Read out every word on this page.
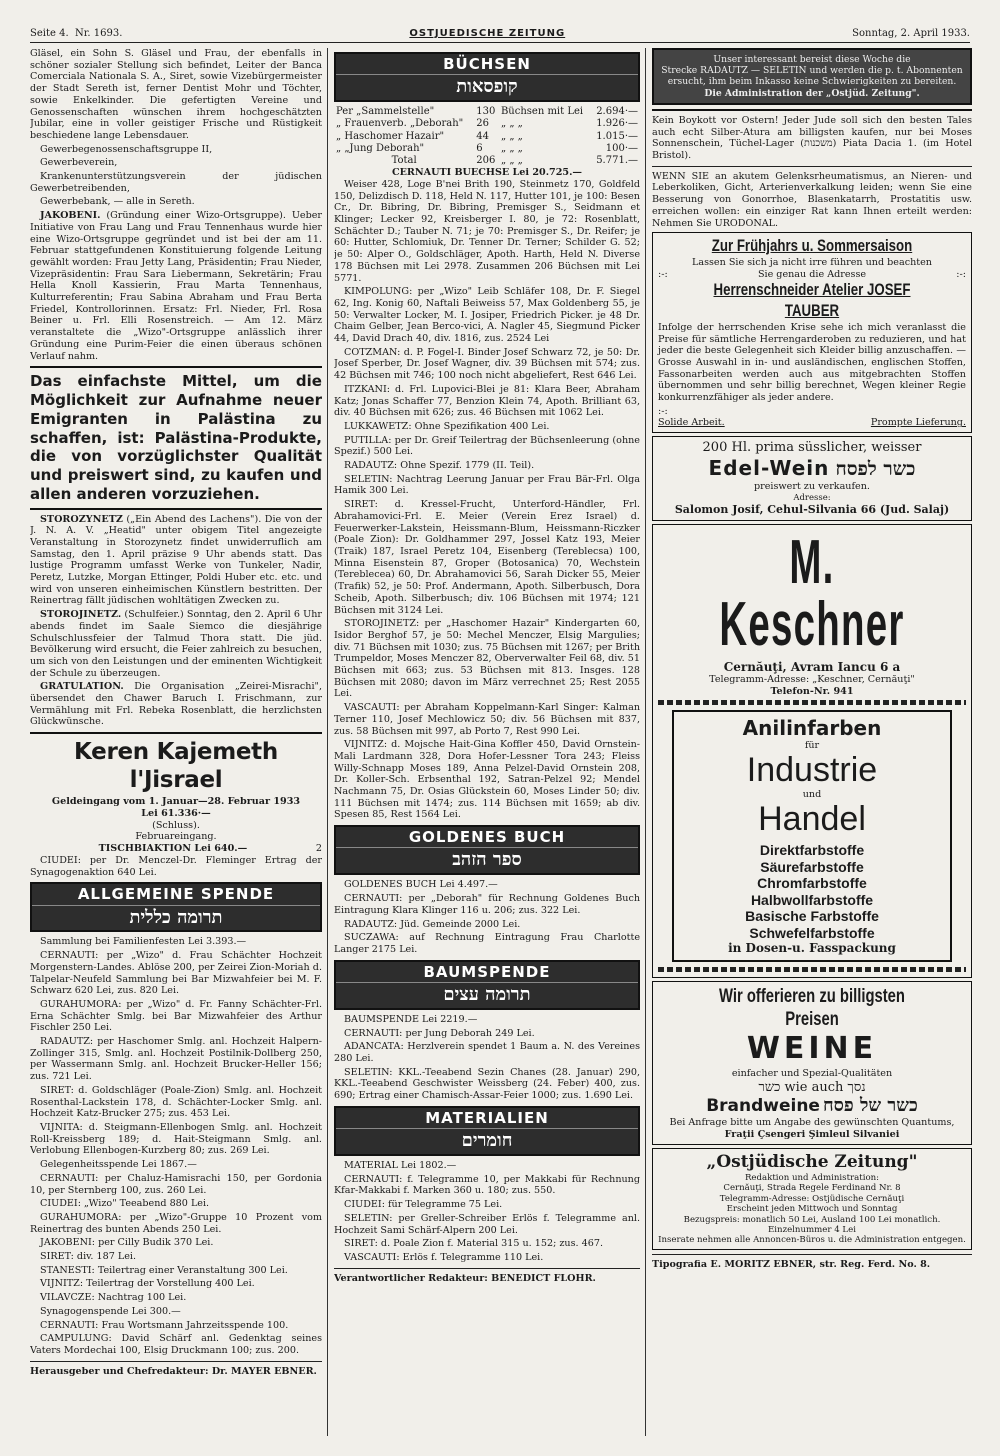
Seite 4. Nr. 1693.	OSTJUEDISCHE ZEITUNG	Sonntag, 2. April 1933.

Gläsel, ein Sohn S. Gläsel und Frau, der ebenfalls in schöner sozialer Stellung sich befindet, Leiter der Banca Comerciala Nationala S. A., Siret, sowie Vizebürgermeister der Stadt Sereth ist, ferner Dentist Mohr und Töchter, sowie Enkelkinder. Die gefertigten Vereine und Genossenschaften wünschen ihrem hochgeschätzten Jubilar, eine in voller geistiger Frische und Rüstigkeit beschiedene lange Lebensdauer.

Gewerbegenossenschaftsgruppe II,

Gewerbeverein,

Krankenunterstützungsverein der jüdischen Gewerbetreibenden,

Gewerbebank, — alle in Sereth.

JAKOBENI. (Gründung einer Wizo-Ortsgruppe). Ueber Initiative von Frau Lang und Frau Tennenhaus wurde hier eine Wizo-Ortsgruppe gegründet und ist bei der am 11. Februar stattgefundenen Konstituierung folgende Leitung gewählt worden: Frau Jetty Lang, Präsidentin; Frau Nieder, Vizepräsidentin: Frau Sara Liebermann, Sekretärin; Frau Hella Knoll Kassierin, Frau Marta Tennenhaus, Kulturreferentin; Frau Sabina Abraham und Frau Berta Friedel, Kontrollorinnen. Ersatz: Frl. Nieder, Frl. Rosa Beiner u. Frl. Elli Rosenstreich. — Am 12. März veranstaltete die „Wizo"-Ortsgruppe anlässlich ihrer Gründung eine Purim-Feier die einen überaus schönen Verlauf nahm.

Das einfachste Mittel, um die Möglichkeit zur Aufnahme neuer Emigranten in Palästina zu schaffen, ist: Palästina-Produkte, die von vorzüglichster Qualität und preiswert sind, zu kaufen und allen anderen vorzuziehen.

STOROZYNETZ („Ein Abend des Lachens"). Die von der J. N. A. V. „Heatid" unter obigem Titel angezeigte Veranstaltung in Storozynetz findet unwiderruflich am Samstag, den 1. April präzise 9 Uhr abends statt. Das lustige Programm umfasst Werke von Tunkeler, Nadir, Peretz, Lutzke, Morgan Ettinger, Poldi Huber etc. etc. und wird von unseren einheimischen Künstlern bestritten. Der Reinertrag fällt jüdischen wohltätigen Zwecken zu.

STOROJINETZ. (Schulfeier.) Sonntag, den 2. April 6 Uhr abends findet im Saale Siemco die diesjährige Schulschlussfeier der Talmud Thora statt. Die jüd. Bevölkerung wird ersucht, die Feier zahlreich zu besuchen, um sich von den Leistungen und der eminenten Wichtigkeit der Schule zu überzeugen.

GRATULATION. Die Organisation „Zeirei-Misrachi", übersendet den Chawer Baruch I. Frischmann, zur Vermählung mit Frl. Rebeka Rosenblatt, die herzlichsten Glückwünsche.

Keren Kajemeth l'Jisrael
Geldeingang vom 1. Januar—28. Februar 1933
Lei 61.336·—
(Schluss).
Februareingang.
TISCHBIAKTION Lei 640.—	2

CIUDEI: per Dr. Menczel-Dr. Fleminger Ertrag der Synagogenaktion 640 Lei.

ALLGEMEINE SPENDE
תרומה כללית

Sammlung bei Familienfesten Lei 3.393.—

CERNAUTI: per „Wizo" d. Frau Schächter Hochzeit Morgenstern-Landes. Ablöse 200, per Zeirei Zion-Moriah d. Talpelar-Neufeld Sammlung bei Bar Mizwahfeier bei M. F. Schwarz 620 Lei, zus. 820 Lei.

GURAHUMORA: per „Wizo" d. Fr. Fanny Schächter-Frl. Erna Schächter Smlg. bei Bar Mizwahfeier des Arthur Fischler 250 Lei.

RADAUTZ: per Haschomer Smlg. anl. Hochzeit Halpern-Zollinger 315, Smlg. anl. Hochzeit Postilnik-Dollberg 250, per Wassermann Smlg. anl. Hochzeit Brucker-Heller 156; zus. 721 Lei.

SIRET: d. Goldschläger (Poale-Zion) Smlg. anl. Hochzeit Rosenthal-Lackstein 178, d. Schächter-Locker Smlg. anl. Hochzeit Katz-Brucker 275; zus. 453 Lei.

VIJNITA: d. Steigmann-Ellenbogen Smlg. anl. Hochzeit Roll-Kreissberg 189; d. Hait-Steigmann Smlg. anl. Verlobung Ellenbogen-Kurzberg 80; zus. 269 Lei.

Gelegenheitsspende Lei 1867.—

CERNAUTI: per Chaluz-Hamisrachi 150, per Gordonia 10, per Sternberg 100, zus. 260 Lei.

CIUDEI: „Wizo" Teeabend 880 Lei.

GURAHUMORA: per „Wizo"-Gruppe 10 Prozent vom Reinertrag des bunten Abends 250 Lei.

JAKOBENI: per Cilly Budik 370 Lei.

SIRET: div. 187 Lei.

STANESTI: Teilertrag einer Veranstaltung 300 Lei.

VIJNITZ: Teilertrag der Vorstellung 400 Lei.

VILAVCZE: Nachtrag 100 Lei.

Synagogenspende Lei 300.—

CERNAUTI: Frau Wortsmann Jahrzeitsspende 100.

CAMPULUNG: David Schärf anl. Gedenktag seines Vaters Mordechai 100, Elsig Druckmann 100; zus. 200.

Herausgeber und Chefredakteur: Dr. MAYER EBNER.
BÜCHSEN
קופסאות
Per „Sammelstelle"	130	Büchsen mit Lei	2.694·—
„ Frauenverb. „Deborah"	26	„ „ „	1.926·—
„ Haschomer Hazair"	44	„ „ „	1.015·—
„ „Jung Deborah"	6	„ „ „	100·—
Total	206	„ „ „	5.771.—
CERNAUTI BUECHSE Lei 20.725.—

Weiser 428, Loge B'nei Brith 190, Steinmetz 170, Goldfeld 150, Delizdisch D. 118, Held N. 117, Hutter 101, je 100: Besen Cr., Dr. Bibring, Dr. Bibring, Premisger S., Seidmann et Klinger; Lecker 92, Kreisberger I. 80, je 72: Rosenblatt, Schächter D.; Tauber N. 71; je 70: Premisger S., Dr. Reifer; je 60: Hutter, Schlomiuk, Dr. Tenner Dr. Terner; Schilder G. 52; je 50: Alper O., Goldschläger, Apoth. Harth, Held N. Diverse 178 Büchsen mit Lei 2978. Zusammen 206 Büchsen mit Lei 5771.

KIMPOLUNG: per „Wizo" Leib Schläfer 108, Dr. F. Siegel 62, Ing. Konig 60, Naftali Beiweiss 57, Max Goldenberg 55, je 50: Verwalter Locker, M. I. Josiper, Friedrich Picker. je 48 Dr. Chaim Gelber, Jean Berco-vici, A. Nagler 45, Siegmund Picker 44, David Drach 40, div. 1816, zus. 2524 Lei

COTZMAN: d. P. Fogel-I. Binder Josef Schwarz 72, je 50: Dr. Josef Sperber, Dr. Josef Wagner, div. 39 Büchsen mit 574; zus. 42 Büchsen mit 746; 100 noch nicht abgeliefert, Rest 646 Lei.

ITZKANI: d. Frl. Lupovici-Blei je 81: Klara Beer, Abraham Katz; Jonas Schaffer 77, Benzion Klein 74, Apoth. Brilliant 63, div. 40 Büchsen mit 626; zus. 46 Büchsen mit 1062 Lei.

LUKKAWETZ: Ohne Spezifikation 400 Lei.

PUTILLA: per Dr. Greif Teilertrag der Büchsenleerung (ohne Spezif.) 500 Lei.

RADAUTZ: Ohne Spezif. 1779 (II. Teil).

SELETIN: Nachtrag Leerung Januar per Frau Bär-Frl. Olga Hamik 300 Lei.

SIRET: d. Kressel-Frucht, Unterford-Händler, Frl. Abrahamovici-Frl. E. Meier (Verein Erez Israel) d. Feuerwerker-Lakstein, Heissmann-Blum, Heissmann-Riczker (Poale Zion): Dr. Goldhammer 297, Jossel Katz 193, Meier (Traik) 187, Israel Peretz 104, Eisenberg (Tereblecsa) 100, Minna Eisenstein 87, Groper (Botosanica) 70, Wechstein (Tereblecea) 60, Dr. Abrahamovici 56, Sarah Dicker 55, Meier (Trafik) 52, je 50: Prof. Andermann, Apoth. Silberbusch, Dora Scheib, Apoth. Silberbusch; div. 106 Büchsen mit 1974; 121 Büchsen mit 3124 Lei.

STOROJINETZ: per „Haschomer Hazair" Kindergarten 60, Isidor Berghof 57, je 50: Mechel Menczer, Elsig Margulies; div. 71 Büchsen mit 1030; zus. 75 Büchsen mit 1267; per Brith Trumpeldor, Moses Menczer 82, Oberverwalter Feil 68, div. 51 Büchsen mit 663; zus. 53 Büchsen mit 813. Insges. 128 Büchsen mit 2080; davon im März verrechnet 25; Rest 2055 Lei.

VASCAUTI: per Abraham Koppelmann-Karl Singer: Kalman Terner 110, Josef Mechlowicz 50; div. 56 Büchsen mit 837, zus. 58 Büchsen mit 997, ab Porto 7, Rest 990 Lei.

VIJNITZ: d. Mojsche Hait-Gina Koffler 450, David Ornstein-Mali Lardmann 328, Dora Hofer-Lessner Tora 243; Fleiss Willy-Schnapp Moses 189, Anna Pelzel-David Ornstein 208, Dr. Koller-Sch. Erbsenthal 192, Satran-Pelzel 92; Mendel Nachmann 75, Dr. Osias Glückstein 60, Moses Linder 50; div. 111 Büchsen mit 1474; zus. 114 Büchsen mit 1659; ab div. Spesen 85, Rest 1564 Lei.

GOLDENES BUCH
ספר הזהב

GOLDENES BUCH Lei 4.497.—

CERNAUTI: per „Deborah" für Rechnung Goldenes Buch Eintragung Klara Klinger 116 u. 206; zus. 322 Lei.

RADAUTZ: Jüd. Gemeinde 2000 Lei.

SUCZAWA: auf Rechnung Eintragung Frau Charlotte Langer 2175 Lei.

BAUMSPENDE
תרומה עצים

BAUMSPENDE Lei 2219.—

CERNAUTI: per Jung Deborah 249 Lei.

ADANCATA: Herzlverein spendet 1 Baum a. N. des Vereines 280 Lei.

SELETIN: KKL.-Teeabend Sezin Chanes (28. Januar) 290, KKL.-Teeabend Geschwister Weissberg (24. Feber) 400, zus. 690; Ertrag einer Chamisch-Assar-Feier 1000; zus. 1.690 Lei.

MATERIALIEN
חומרים

MATERIAL Lei 1802.—

CERNAUTI: f. Telegramme 10, per Makkabi für Rechnung Kfar-Makkabi f. Marken 360 u. 180; zus. 550.

CIUDEI: für Telegramme 75 Lei.

SELETIN: per Greller-Schreiber Erlös f. Telegramme anl. Hochzeit Sami Schärf-Alpern 200 Lei.

SIRET: d. Poale Zion f. Material 315 u. 152; zus. 467.

VASCAUTI: Erlös f. Telegramme 110 Lei.

Verantwortlicher Redakteur: BENEDICT FLOHR.
Unser interessant bereist diese Woche die
Strecke RADAUTZ — SELETIN und werden die p. t. Abonnenten ersucht, ihm beim Inkasso keine Schwierigkeiten zu bereiten.
Die Administration der „Ostjüd. Zeitung".

Kein Boykott vor Ostern! Jeder Jude soll sich den besten Tales auch echt Silber-Atura am billigsten kaufen, nur bei Moses Sonnenschein, Tüchel-Lager (משכנות) Piata Dacia 1. (im Hotel Bristol).

WENN SIE an akutem Gelenksrheumatismus, an Nieren- und Leberkoliken, Gicht, Arterienverkalkung leiden; wenn Sie eine Besserung von Gonorrhoe, Blasenkatarrh, Prostatitis usw. erreichen wollen: ein einziger Rat kann Ihnen erteilt werden: Nehmen Sie URODONAL.

Zur Frühjahrs u. Sommersaison
Lassen Sie sich ja nicht irre führen und beachten
:-:	Sie genau die Adresse	:-:
Herrenschneider Atelier JOSEF TAUBER

Infolge der herrschenden Krise sehe ich mich veranlasst die Preise für sämtliche Herrengarderoben zu reduzieren, und hat jeder die beste Gelegenheit sich Kleider billig anzuschaffen. — Grosse Auswahl in in- und ausländischen, englischen Stoffen, Fassonarbeiten werden auch aus mitgebrachten Stoffen übernommen und sehr billig berechnet, Wegen kleiner Regie konkurrenzfähiger als jeder andere.

:-:
Solide Arbeit.	Prompte Lieferung.
200 Hl. prima süsslicher, weisser
Edel-Wein כשר לפסח
preiswert zu verkaufen.
Adresse:
Salomon Josif, Cehul-Silvania 66 (Jud. Salaj)
M. Keschner
Cernăuţi, Avram Iancu 6 a
Telegramm-Adresse: „Keschner, Cernăuţi"
Telefon-Nr. 941
Anilinfarben
für
Industrie
und
Handel
Direktfarbstoffe
Säurefarbstoffe
Chromfarbstoffe
Halbwollfarbstoffe
Basische Farbstoffe
Schwefelfarbstoffe
in Dosen-u. Fasspackung
Wir offerieren zu billigsten Preisen
WEINE
einfacher und Spezial-Qualitäten
כשר wie auch נסך
Brandweine כשר של פסח
Bei Anfrage bitte um Angabe des gewünschten Quantums,
Fraţii Çsengeri Şimleul Silvaniei
„Ostjüdische Zeitung"
Redaktion und Administration:
Cernăuţi, Strada Regele Ferdinand Nr. 8
Telegramm-Adresse: Ostjüdische Cernăuţi
Erscheint jeden Mittwoch und Sonntag
Bezugspreis: monatlich 50 Lei, Ausland 100 Lei monatlich. Einzelnummer 4 Lei
Inserate nehmen alle Annoncen-Büros u. die Administration entgegen.
Tipografia E. MORITZ EBNER, str. Reg. Ferd. No. 8.
